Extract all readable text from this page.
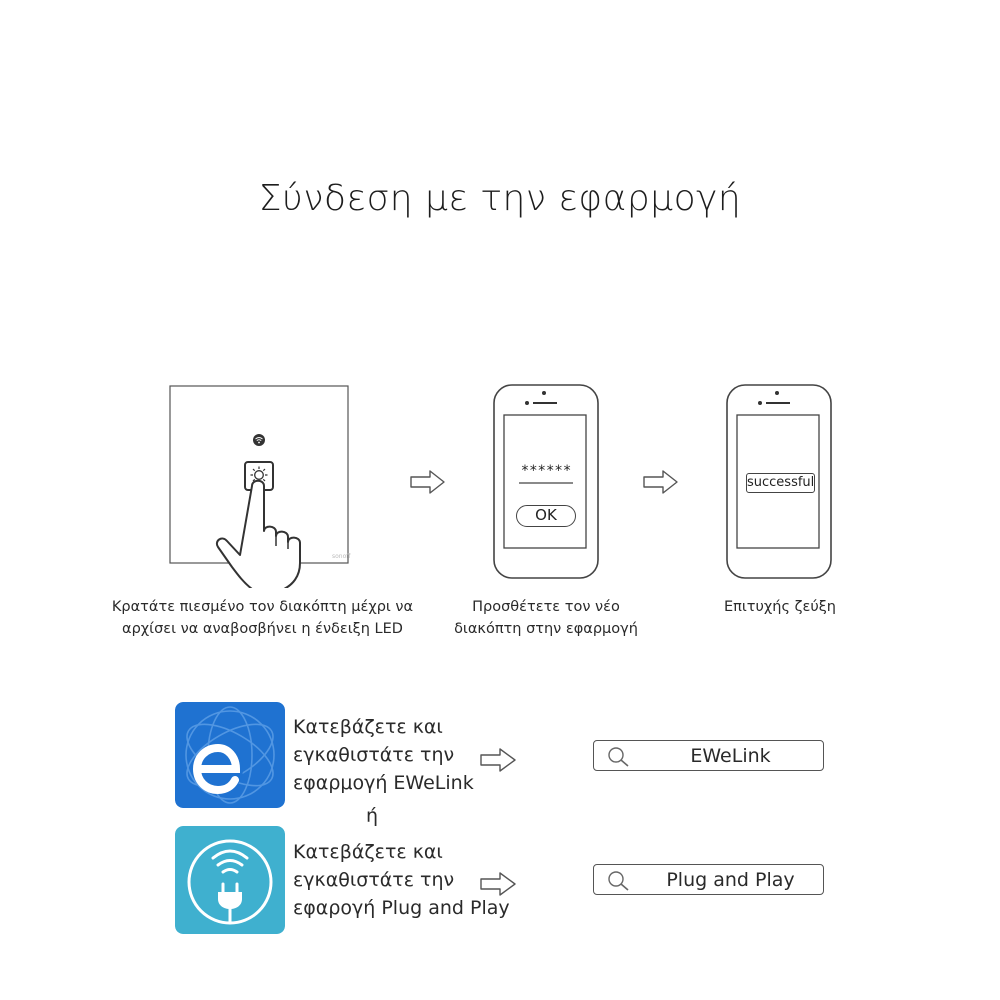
Σύνδεση με την εφαρμογή
sonoff
******
OK
successful
Κρατάτε πιεσμένο τον διακόπτη μέχρι να
αρχίσει να αναβοσβήνει η ένδειξη LED
Προσθέτετε τον νέο
διακόπτη στην εφαρμογή
Επιτυχής ζεύξη
Κατεβάζετε και
εγκαθιστάτε την
εφαρμογή EWeLink
EWeLink
ή
Κατεβάζετε και
εγκαθιστάτε την
εφαρογή Plug and Play
Plug and Play
